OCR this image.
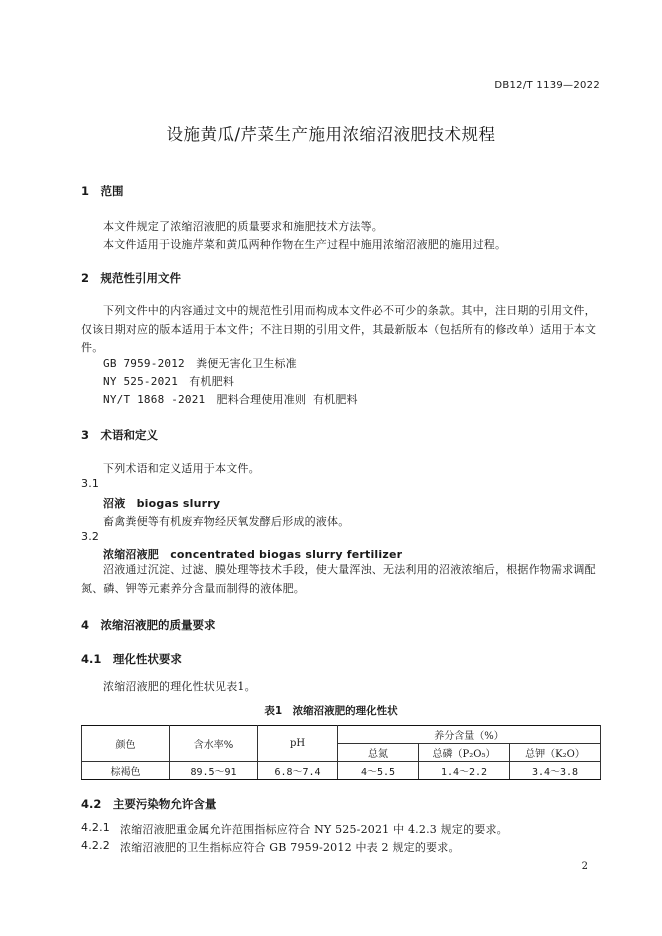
DB12/T 1139—2022
设施黄瓜/芹菜生产施用浓缩沼液肥技术规程
1　范围
本文件规定了浓缩沼液肥的质量要求和施肥技术方法等。
本文件适用于设施芹菜和黄瓜两种作物在生产过程中施用浓缩沼液肥的施用过程。
2　规范性引用文件
下列文件中的内容通过文中的规范性引用而构成本文件必不可少的条款。其中，注日期的引用文件，仅该日期对应的版本适用于本文件；不注日期的引用文件，其最新版本（包括所有的修改单）适用于本文件。
GB 7959-2012　粪便无害化卫生标准
NY 525-2021　有机肥料
NY/T 1868 -2021　肥料合理使用准则 有机肥料
3　术语和定义
下列术语和定义适用于本文件。
3.1
沼液　biogas slurry
畜禽粪便等有机废弃物经厌氧发酵后形成的液体。
3.2
浓缩沼液肥　concentrated biogas slurry fertilizer
沼液通过沉淀、过滤、膜处理等技术手段，使大量浑浊、无法利用的沼液浓缩后，根据作物需求调配氮、磷、钾等元素养分含量而制得的液体肥。
4　浓缩沼液肥的质量要求
4.1　理化性状要求
浓缩沼液肥的理化性状见表1。
表1　浓缩沼液肥的理化性状
颜色	含水率%	pH	养分含量（%）		
			总氮	总磷（P₂O₅）	总钾（K₂O）
棕褐色	89.5～91	6.8～7.4	4～5.5	1.4～2.2	3.4～3.8
4.2　主要污染物允许含量
4.2.1 浓缩沼液肥重金属允许范围指标应符合 NY 525-2021 中 4.2.3 规定的要求。
4.2.2 浓缩沼液肥的卫生指标应符合 GB 7959-2012 中表 2 规定的要求。
2
